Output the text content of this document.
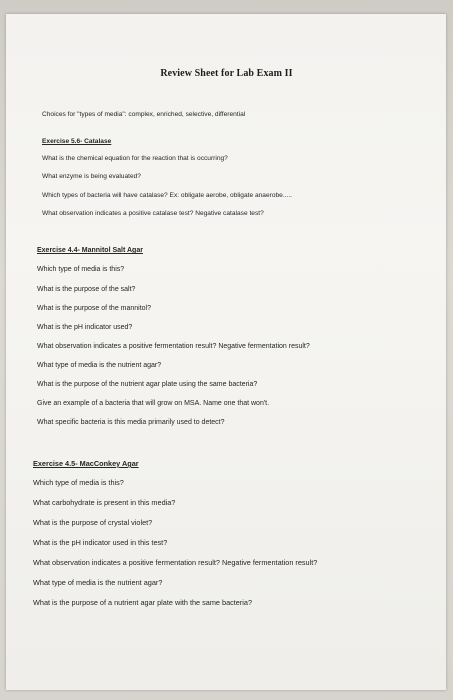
Review Sheet for Lab Exam II
Choices for "types of media": complex, enriched, selective, differential
Exercise 5.6- Catalase
What is the chemical equation for the reaction that is occurring?
What enzyme is being evaluated?
Which types of bacteria will have catalase? Ex: obligate aerobe, obligate anaerobe.....
What observation indicates a positive catalase test? Negative catalase test?
Exercise 4.4- Mannitol Salt Agar
Which type of media is this?
What is the purpose of the salt?
What is the purpose of the mannitol?
What is the pH indicator used?
What observation indicates a positive fermentation result? Negative fermentation result?
What type of media is the nutrient agar?
What is the purpose of the nutrient agar plate using the same bacteria?
Give an example of a bacteria that will grow on MSA. Name one that won't.
What specific bacteria is this media primarily used to detect?
Exercise 4.5- MacConkey Agar
Which type of media is this?
What carbohydrate is present in this media?
What is the purpose of crystal violet?
What is the pH indicator used in this test?
What observation indicates a positive fermentation result? Negative fermentation result?
What type of media is the nutrient agar?
What is the purpose of a nutrient agar plate with the same bacteria?
